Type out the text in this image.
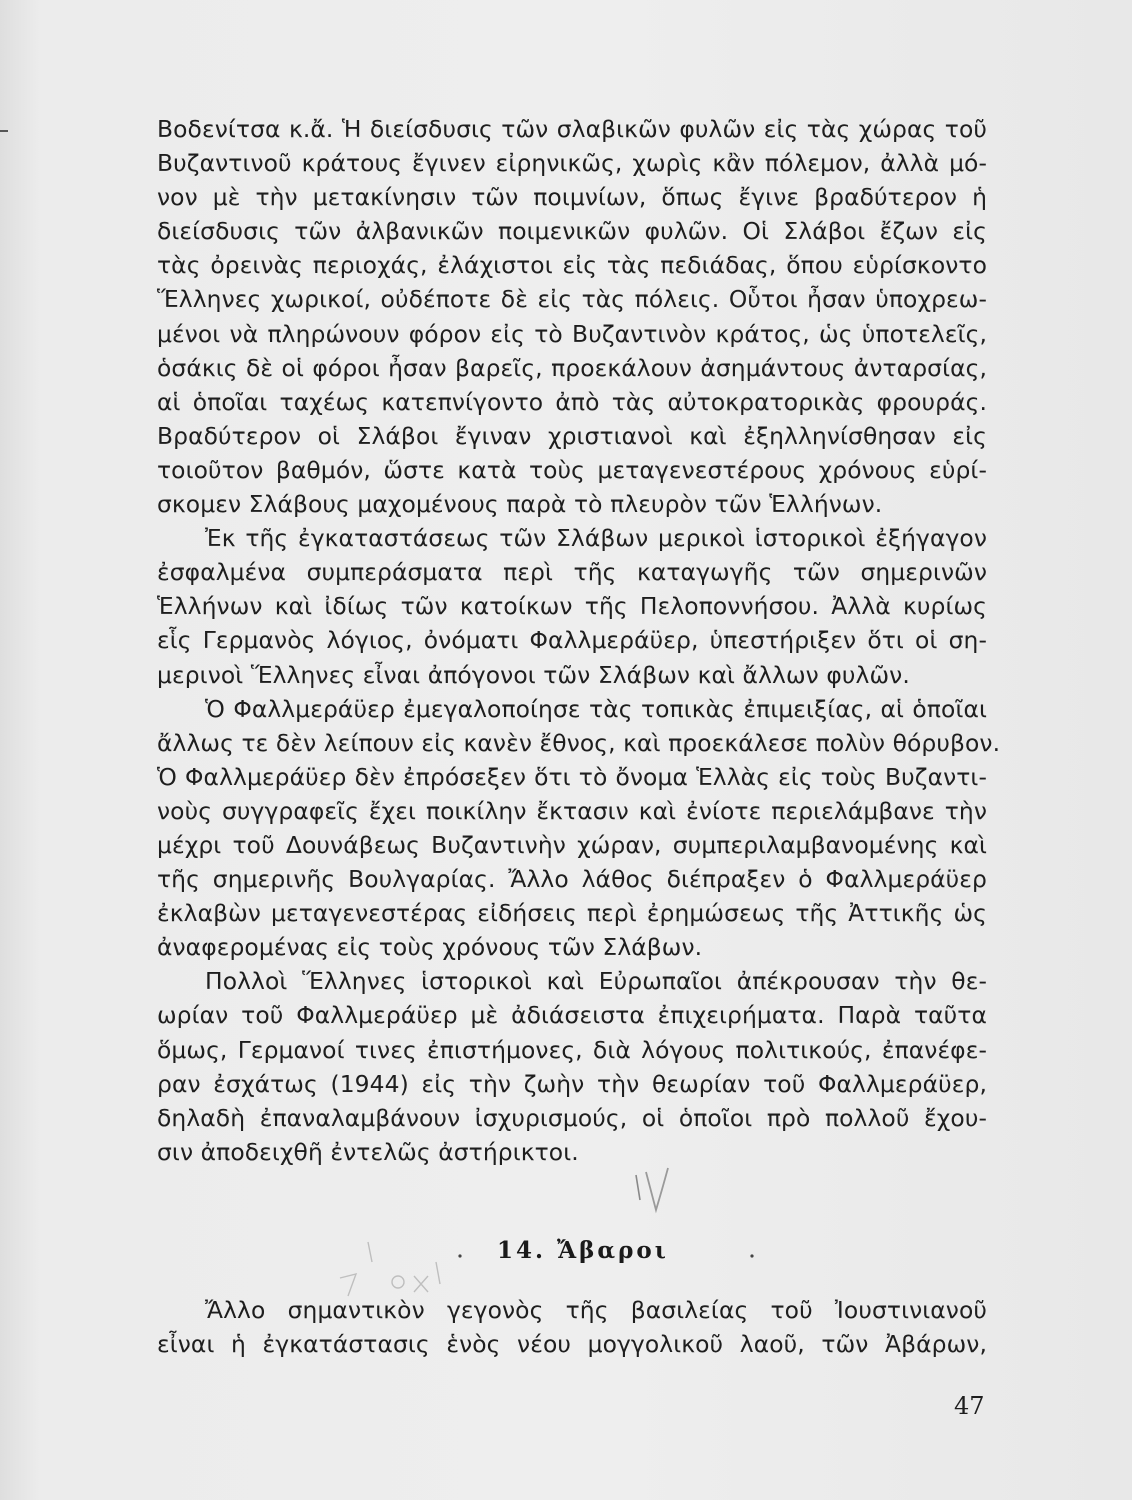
Βοδενίτσα κ.ἄ. Ἡ διείσδυσις τῶν σλαβικῶν φυλῶν εἰς τὰς χώρας τοῦ
Βυζαντινοῦ κράτους ἔγινεν εἰρηνικῶς, χωρὶς κἂν πόλεμον, ἀλλὰ μό-
νον μὲ τὴν μετακίνησιν τῶν ποιμνίων, ὅπως ἔγινε βραδύτερον ἡ
διείσδυσις τῶν ἀλβανικῶν ποιμενικῶν φυλῶν. Οἱ Σλάβοι ἔζων εἰς
τὰς ὀρεινὰς περιοχάς, ἐλάχιστοι εἰς τὰς πεδιάδας, ὅπου εὑρίσκοντο
Ἕλληνες χωρικοί, οὐδέποτε δὲ εἰς τὰς πόλεις. Οὗτοι ἦσαν ὑποχρεω-
μένοι νὰ πληρώνουν φόρον εἰς τὸ Βυζαντινὸν κράτος, ὡς ὑποτελεῖς,
ὁσάκις δὲ οἱ φόροι ἦσαν βαρεῖς, προεκάλουν ἀσημάντους ἀνταρσίας,
αἱ ὁποῖαι ταχέως κατεπνίγοντο ἀπὸ τὰς αὐτοκρατορικὰς φρουράς.
Βραδύτερον οἱ Σλάβοι ἔγιναν χριστιανοὶ καὶ ἐξηλληνίσθησαν εἰς
τοιοῦτον βαθμόν, ὥστε κατὰ τοὺς μεταγενεστέρους χρόνους εὑρί-
σκομεν Σλάβους μαχομένους παρὰ τὸ πλευρὸν τῶν Ἑλλήνων.
Ἐκ τῆς ἐγκαταστάσεως τῶν Σλάβων μερικοὶ ἱστορικοὶ ἐξήγαγον
ἐσφαλμένα συμπεράσματα περὶ τῆς καταγωγῆς τῶν σημερινῶν
Ἑλλήνων καὶ ἰδίως τῶν κατοίκων τῆς Πελοποννήσου. Ἀλλὰ κυρίως
εἷς Γερμανὸς λόγιος, ὀνόματι Φαλλμεράϋερ, ὑπεστήριξεν ὅτι οἱ ση-
μερινοὶ Ἕλληνες εἶναι ἀπόγονοι τῶν Σλάβων καὶ ἄλλων φυλῶν.
Ὁ Φαλλμεράϋερ ἐμεγαλοποίησε τὰς τοπικὰς ἐπιμειξίας, αἱ ὁποῖαι
ἄλλως τε δὲν λείπουν εἰς κανὲν ἔθνος, καὶ προεκάλεσε πολὺν θόρυβον.
Ὁ Φαλλμεράϋερ δὲν ἐπρόσεξεν ὅτι τὸ ὄνομα Ἑλλὰς εἰς τοὺς Βυζαντι-
νοὺς συγγραφεῖς ἔχει ποικίλην ἔκτασιν καὶ ἐνίοτε περιελάμβανε τὴν
μέχρι τοῦ Δουνάβεως Βυζαντινὴν χώραν, συμπεριλαμβανομένης καὶ
τῆς σημερινῆς Βουλγαρίας. Ἄλλο λάθος διέπραξεν ὁ Φαλλμεράϋερ
ἐκλαβὼν μεταγενεστέρας εἰδήσεις περὶ ἐρημώσεως τῆς Ἀττικῆς ὡς
ἀναφερομένας εἰς τοὺς χρόνους τῶν Σλάβων.
Πολλοὶ Ἕλληνες ἱστορικοὶ καὶ Εὐρωπαῖοι ἀπέκρουσαν τὴν θε-
ωρίαν τοῦ Φαλλμεράϋερ μὲ ἀδιάσειστα ἐπιχειρήματα. Παρὰ ταῦτα
ὅμως, Γερμανοί τινες ἐπιστήμονες, διὰ λόγους πολιτικούς, ἐπανέφε-
ραν ἐσχάτως (1944) εἰς τὴν ζωὴν τὴν θεωρίαν τοῦ Φαλλμεράϋερ,
δηλαδὴ ἐπαναλαμβάνουν ἰσχυρισμούς, οἱ ὁποῖοι πρὸ πολλοῦ ἔχου-
σιν ἀποδειχθῆ ἐντελῶς ἀστήρικτοι.
14. Ἄβαροι
Ἄλλο σημαντικὸν γεγονὸς τῆς βασιλείας τοῦ Ἰουστινιανοῦ
εἶναι ἡ ἐγκατάστασις ἑνὸς νέου μογγολικοῦ λαοῦ, τῶν Ἀβάρων,
47
